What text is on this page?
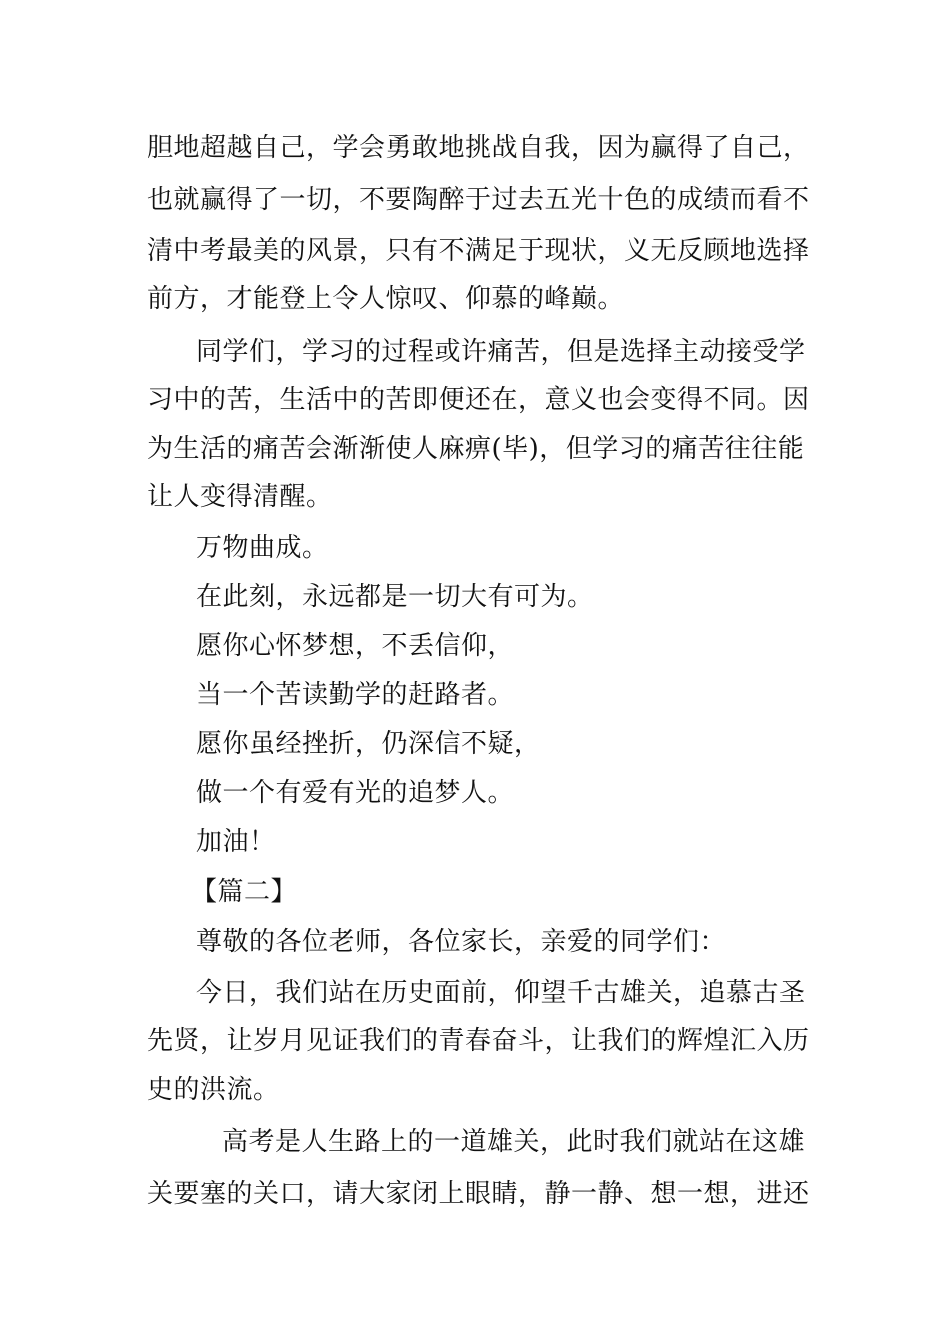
胆地超越自己，学会勇敢地挑战自我，因为赢得了自己，
也就赢得了一切，不要陶醉于过去五光十色的成绩而看不
清中考最美的风景，只有不满足于现状，义无反顾地选择
前方，才能登上令人惊叹、仰慕的峰巅。
同学们，学习的过程或许痛苦，但是选择主动接受学
习中的苦，生活中的苦即便还在，意义也会变得不同。因
为生活的痛苦会渐渐使人麻痹(毕)，但学习的痛苦往往能
让人变得清醒。
万物曲成。
在此刻，永远都是一切大有可为。
愿你心怀梦想，不丢信仰，
当一个苦读勤学的赶路者。
愿你虽经挫折，仍深信不疑，
做一个有爱有光的追梦人。
加油！
【篇二】
尊敬的各位老师，各位家长，亲爱的同学们：
今日，我们站在历史面前，仰望千古雄关，追慕古圣
先贤，让岁月见证我们的青春奋斗，让我们的辉煌汇入历
史的洪流。
高考是人生路上的一道雄关，此时我们就站在这雄
关要塞的关口，请大家闭上眼睛，静一静、想一想，进还
